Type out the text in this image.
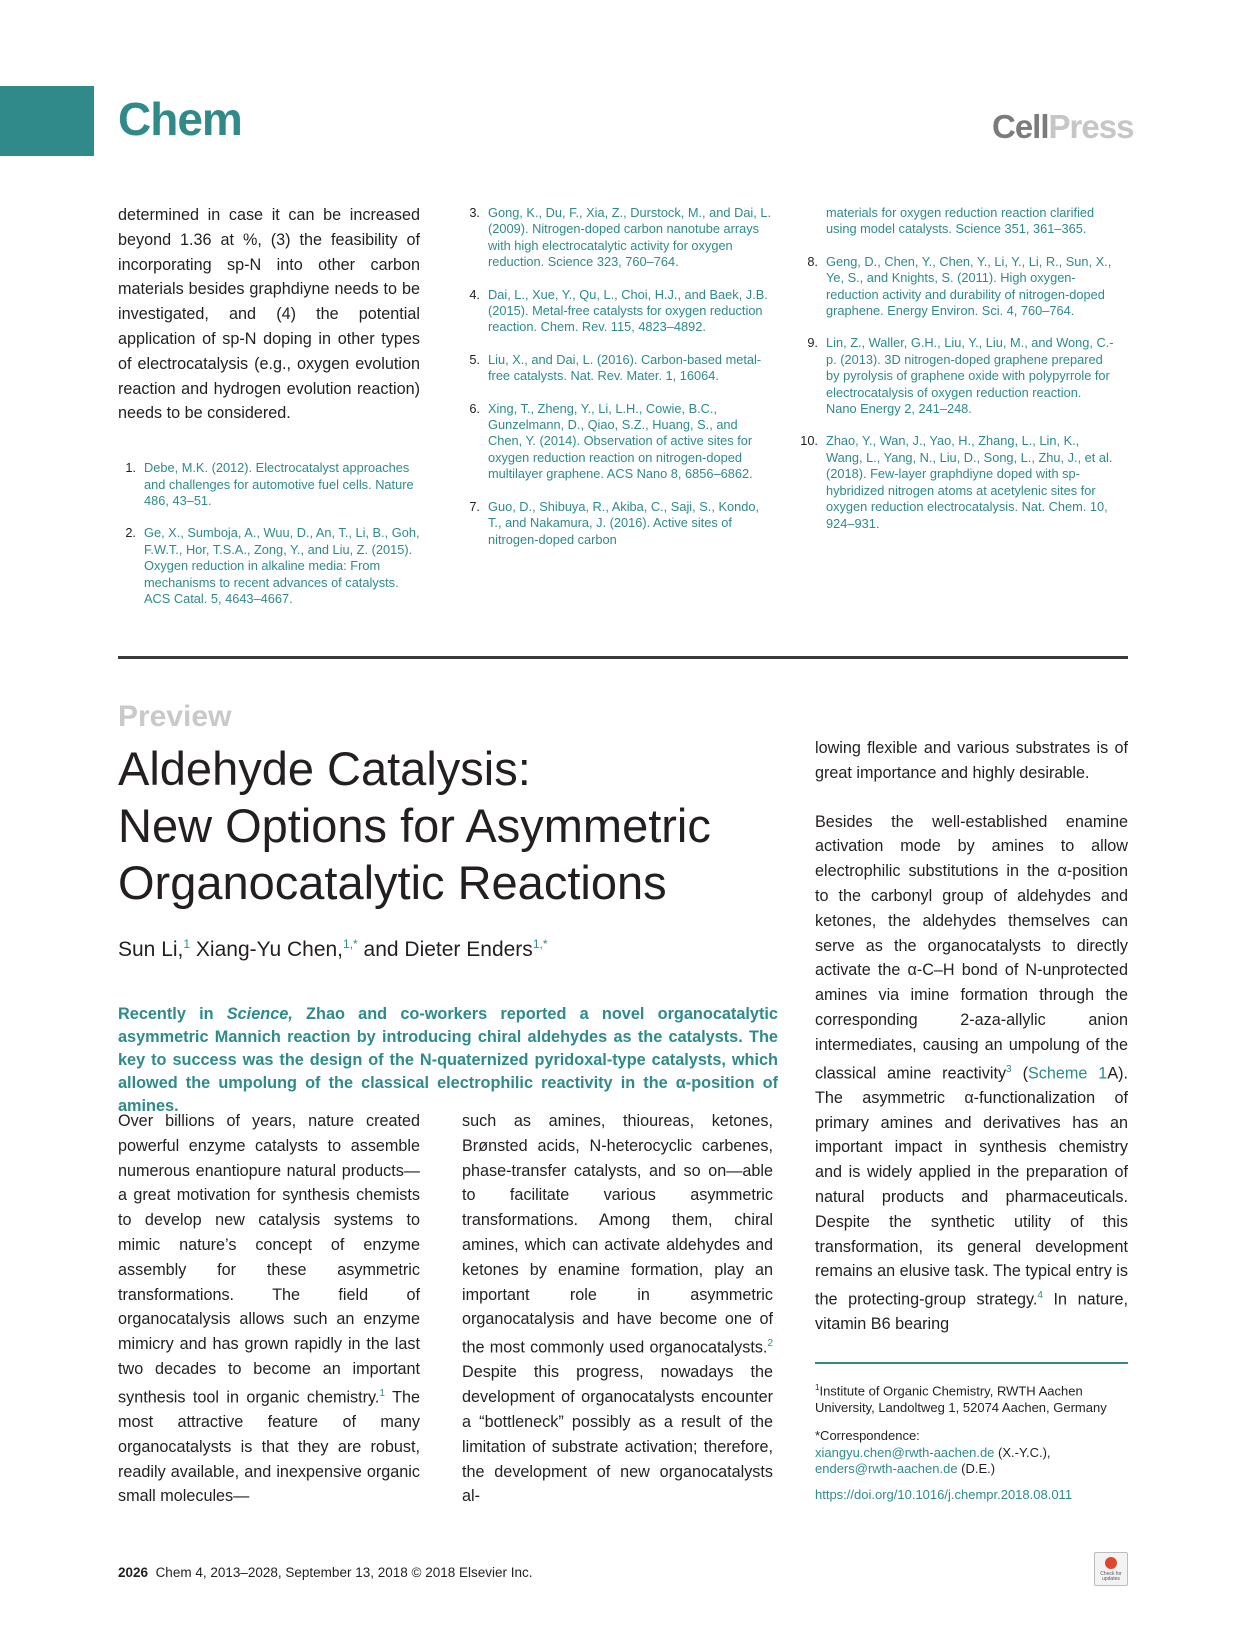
Chem	CellPress

determined in case it can be increased beyond 1.36 at %, (3) the feasibility of incorporating sp-N into other carbon materials besides graphdiyne needs to be investigated, and (4) the potential application of sp-N doping in other types of electrocatalysis (e.g., oxygen evolution reaction and hydrogen evolution reaction) needs to be considered.

1. Debe, M.K. (2012). Electrocatalyst approaches and challenges for automotive fuel cells. Nature 486, 43–51.
2. Ge, X., Sumboja, A., Wuu, D., An, T., Li, B., Goh, F.W.T., Hor, T.S.A., Zong, Y., and Liu, Z. (2015). Oxygen reduction in alkaline media: From mechanisms to recent advances of catalysts. ACS Catal. 5, 4643–4667.
3. Gong, K., Du, F., Xia, Z., Durstock, M., and Dai, L. (2009). Nitrogen-doped carbon nanotube arrays with high electrocatalytic activity for oxygen reduction. Science 323, 760–764.
4. Dai, L., Xue, Y., Qu, L., Choi, H.J., and Baek, J.B. (2015). Metal-free catalysts for oxygen reduction reaction. Chem. Rev. 115, 4823–4892.
5. Liu, X., and Dai, L. (2016). Carbon-based metal-free catalysts. Nat. Rev. Mater. 1, 16064.
6. Xing, T., Zheng, Y., Li, L.H., Cowie, B.C., Gunzelmann, D., Qiao, S.Z., Huang, S., and Chen, Y. (2014). Observation of active sites for oxygen reduction reaction on nitrogen-doped multilayer graphene. ACS Nano 8, 6856–6862.
7. Guo, D., Shibuya, R., Akiba, C., Saji, S., Kondo, T., and Nakamura, J. (2016). Active sites of nitrogen-doped carbon
materials for oxygen reduction reaction clarified using model catalysts. Science 351, 361–365.
8. Geng, D., Chen, Y., Chen, Y., Li, Y., Li, R., Sun, X., Ye, S., and Knights, S. (2011). High oxygen-reduction activity and durability of nitrogen-doped graphene. Energy Environ. Sci. 4, 760–764.
9. Lin, Z., Waller, G.H., Liu, Y., Liu, M., and Wong, C.-p. (2013). 3D nitrogen-doped graphene prepared by pyrolysis of graphene oxide with polypyrrole for electrocatalysis of oxygen reduction reaction. Nano Energy 2, 241–248.
10. Zhao, Y., Wan, J., Yao, H., Zhang, L., Lin, K., Wang, L., Yang, N., Liu, D., Song, L., Zhu, J., et al. (2018). Few-layer graphdiyne doped with sp-hybridized nitrogen atoms at acetylenic sites for oxygen reduction electrocatalysis. Nat. Chem. 10, 924–931.
Preview
Aldehyde Catalysis:
New Options for Asymmetric
Organocatalytic Reactions
Sun Li,$^1$ Xiang-Yu Chen,$^{1,*}$ and Dieter Enders$^{1,*}$

Recently in Science, Zhao and co-workers reported a novel organocatalytic asymmetric Mannich reaction by introducing chiral aldehydes as the catalysts. The key to success was the design of the N-quaternized pyridoxal-type catalysts, which allowed the umpolung of the classical electrophilic reactivity in the α-position of amines.

Over billions of years, nature created powerful enzyme catalysts to assemble numerous enantiopure natural products—a great motivation for synthesis chemists to develop new catalysis systems to mimic nature’s concept of enzyme assembly for these asymmetric transformations. The field of organocatalysis allows such an enzyme mimicry and has grown rapidly in the last two decades to become an important synthesis tool in organic chemistry.$^1$ The most attractive feature of many organocatalysts is that they are robust, readily available, and inexpensive organic small molecules—

such as amines, thioureas, ketones, Brønsted acids, N-heterocyclic carbenes, phase-transfer catalysts, and so on—able to facilitate various asymmetric transformations. Among them, chiral amines, which can activate aldehydes and ketones by enamine formation, play an important role in asymmetric organocatalysis and have become one of the most commonly used organocatalysts.$^2$ Despite this progress, nowadays the development of organocatalysts encounter a “bottleneck” possibly as a result of the limitation of substrate activation; therefore, the development of new organocatalysts al-

lowing flexible and various substrates is of great importance and highly desirable.

Besides the well-established enamine activation mode by amines to allow electrophilic substitutions in the α-position to the carbonyl group of aldehydes and ketones, the aldehydes themselves can serve as the organocatalysts to directly activate the α-C–H bond of N-unprotected amines via imine formation through the corresponding 2-aza-allylic anion intermediates, causing an umpolung of the classical amine reactivity$^3$ (Scheme 1A). The asymmetric α-functionalization of primary amines and derivatives has an important impact in synthesis chemistry and is widely applied in the preparation of natural products and pharmaceuticals. Despite the synthetic utility of this transformation, its general development remains an elusive task. The typical entry is the protecting-group strategy.$^4$ In nature, vitamin B6 bearing

$^1$Institute of Organic Chemistry, RWTH Aachen University, Landoltweg 1, 52074 Aachen, Germany
*Correspondence:
xiangyu.chen@rwth-aachen.de (X.-Y.C.),
enders@rwth-aachen.de (D.E.)
https://doi.org/10.1016/j.chempr.2018.08.011
2026 Chem 4, 2013–2028, September 13, 2018 © 2018 Elsevier Inc.	Check for updates
